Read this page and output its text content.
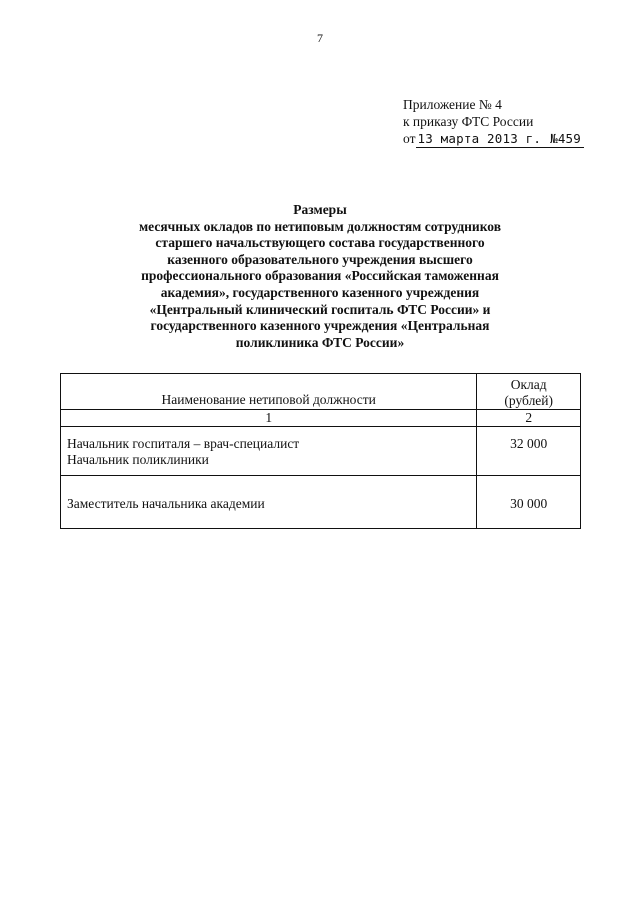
7
Приложение № 4
к приказу ФТС России
от 13 марта 2013 г. №459
Размеры
месячных окладов по нетиповым должностям сотрудников
старшего начальствующего состава государственного
казенного образовательного учреждения высшего
профессионального образования «Российская таможенная
академия», государственного казенного учреждения
«Центральный клинический госпиталь ФТС России» и
государственного казенного учреждения «Центральная
поликлиника ФТС России»
Наименование нетиповой должности	Оклад
(рублей)

1	2

Начальник госпиталя – врач-специалист
Начальник поликлиники	32 000

Заместитель начальника академии	30 000
